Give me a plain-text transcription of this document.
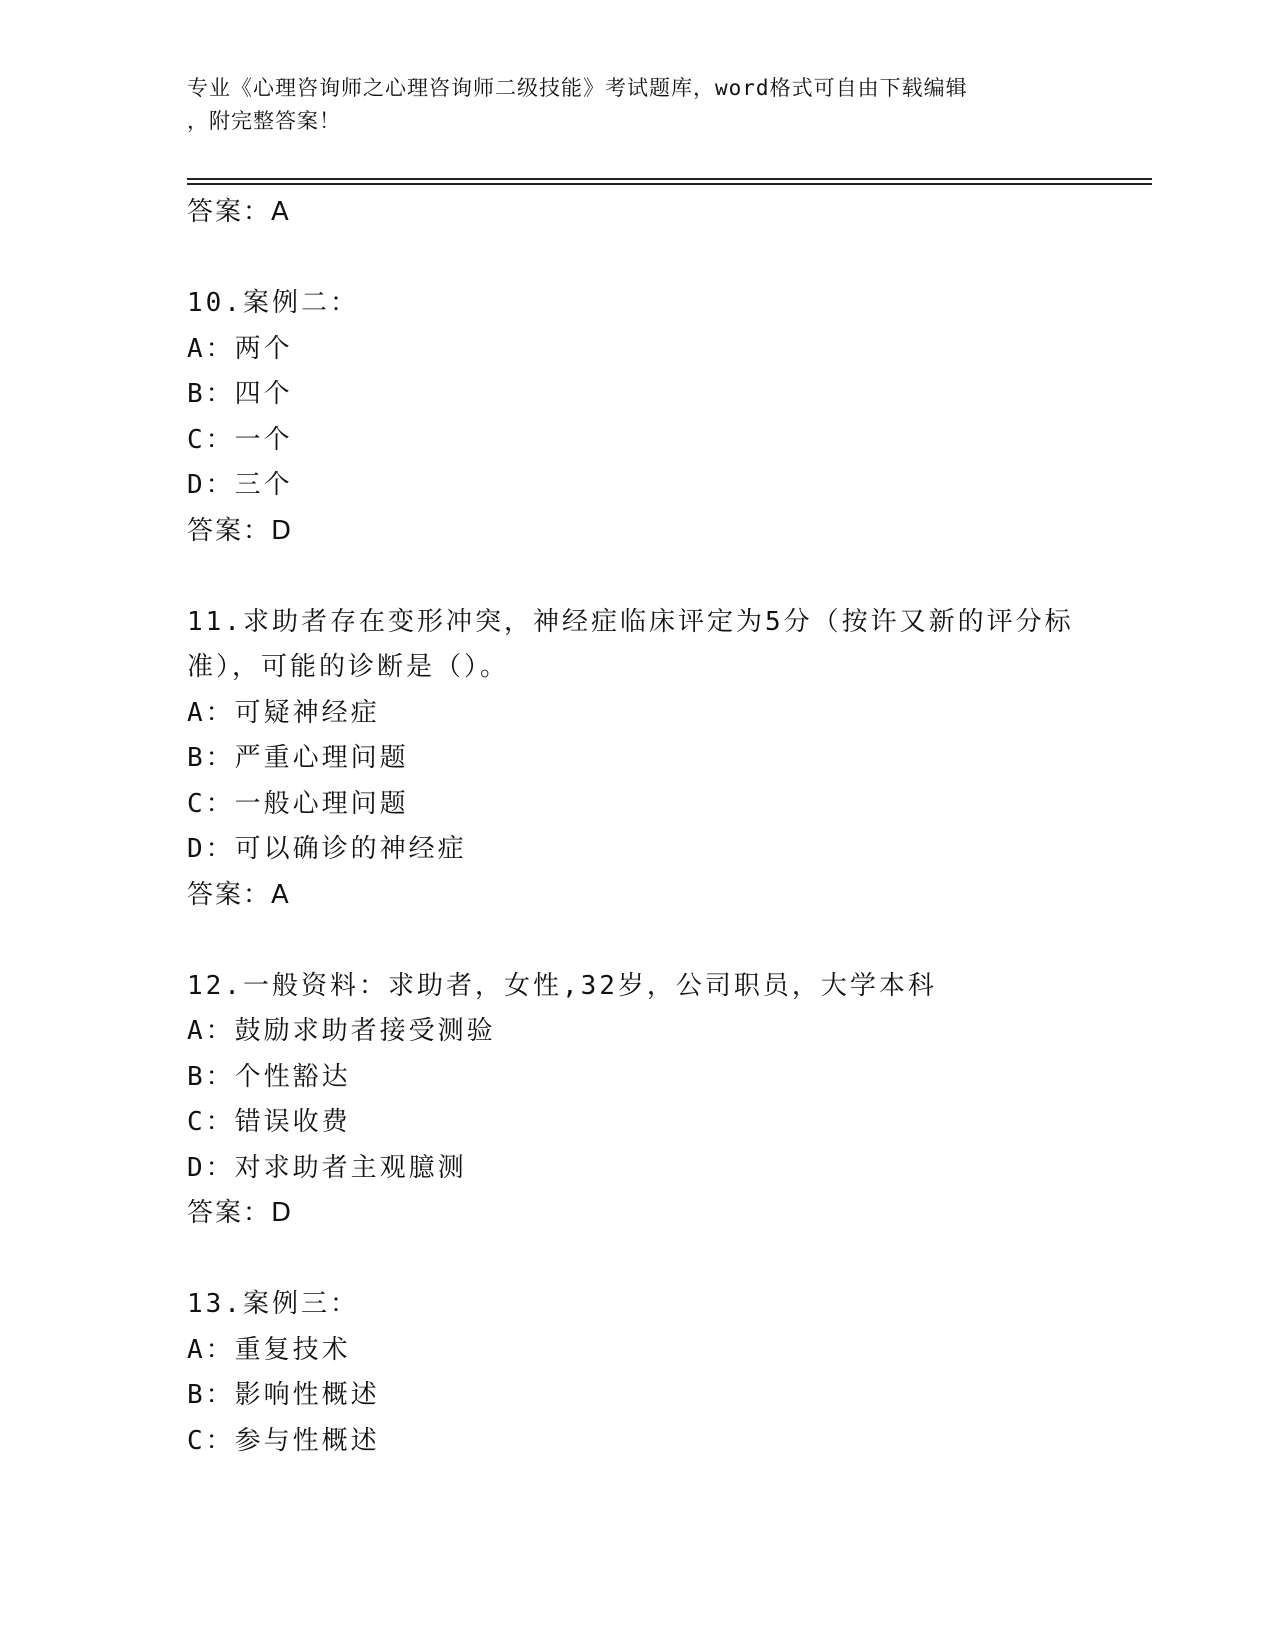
专业《心理咨询师之心理咨询师二级技能》考试题库，word格式可自由下载编辑
，附完整答案！
答案：A
10.案例二：
A：两个
B：四个
C：一个
D：三个
答案：D
11.求助者存在变形冲突，神经症临床评定为5分（按许又新的评分标
准），可能的诊断是（）。
A：可疑神经症
B：严重心理问题
C：一般心理问题
D：可以确诊的神经症
答案：A
12.一般资料：求助者，女性,32岁，公司职员，大学本科
A：鼓励求助者接受测验
B：个性豁达
C：错误收费
D：对求助者主观臆测
答案：D
13.案例三：
A：重复技术
B：影响性概述
C：参与性概述
